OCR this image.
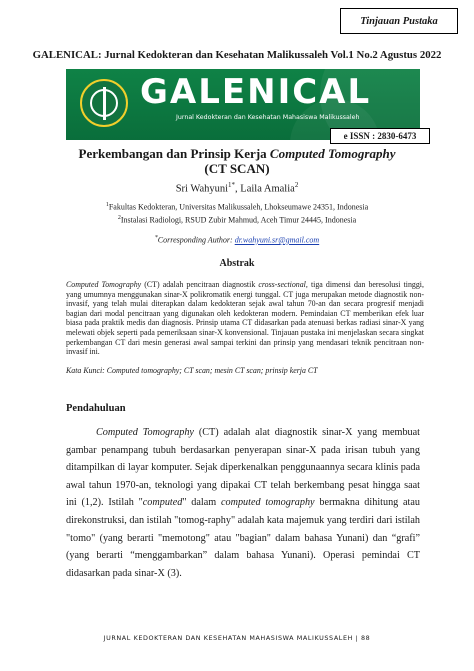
Tinjauan Pustaka
GALENICAL: Jurnal Kedokteran dan Kesehatan Malikussaleh Vol.1 No.2 Agustus 2022
GALENICAL
Jurnal Kedokteran dan Kesehatan Mahasiswa Malikussaleh
e ISSN : 2830-6473
Perkembangan dan Prinsip Kerja Computed Tomography
(CT SCAN)
Sri Wahyuni$^{1*}$, Laila Amalia$^2$
$^1$Fakultas Kedokteran, Universitas Malikussaleh, Lhokseumawe 24351, Indonesia
$^2$Instalasi Radiologi, RSUD Zubir Mahmud, Aceh Timur 24445, Indonesia
*Corresponding Author: dr.wahyuni.sr@gmail.com
Abstrak
Computed Tomography (CT) adalah pencitraan diagnostik cross-sectional, tiga dimensi dan beresolusi tinggi, yang umumnya menggunakan sinar-X polikromatik energi tunggal. CT juga merupakan metode diagnostik non-invasif, yang telah mulai diterapkan dalam kedokteran sejak awal tahun 70-an dan secara progresif menjadi bagian dari modal pencitraan yang digunakan oleh kedokteran modern. Pemindaian CT memberikan efek luar biasa pada praktik medis dan diagnosis. Prinsip utama CT didasarkan pada atenuasi berkas radiasi sinar-X yang melewati objek seperti pada pemeriksaan sinar-X konvensional. Tinjauan pustaka ini menjelaskan secara singkat perkembangan CT dari mesin generasi awal sampai terkini dan prinsip yang mendasari teknik pencitraan non-invasif ini.
Kata Kunci: Computed tomography; CT scan; mesin CT scan; prinsip kerja CT
Pendahuluan

Computed Tomography (CT) adalah alat diagnostik sinar-X yang membuat gambar penampang tubuh berdasarkan penyerapan sinar-X pada irisan tubuh yang ditampilkan di layar komputer. Sejak diperkenalkan penggunaannya secara klinis pada awal tahun 1970-an, teknologi yang dipakai CT telah berkembang pesat hingga saat ini (1,2). Istilah "computed" dalam computed tomography bermakna dihitung atau direkonstruksi, dan istilah "tomog-raphy" adalah kata majemuk yang terdiri dari istilah "tomo" (yang berarti "memotong" atau "bagian" dalam bahasa Yunani) dan “grafi” (yang berarti “menggambarkan” dalam bahasa Yunani). Operasi pemindai CT didasarkan pada sinar-X (3).

JURNAL KEDOKTERAN DAN KESEHATAN MAHASISWA MALIKUSSALEH | 88
